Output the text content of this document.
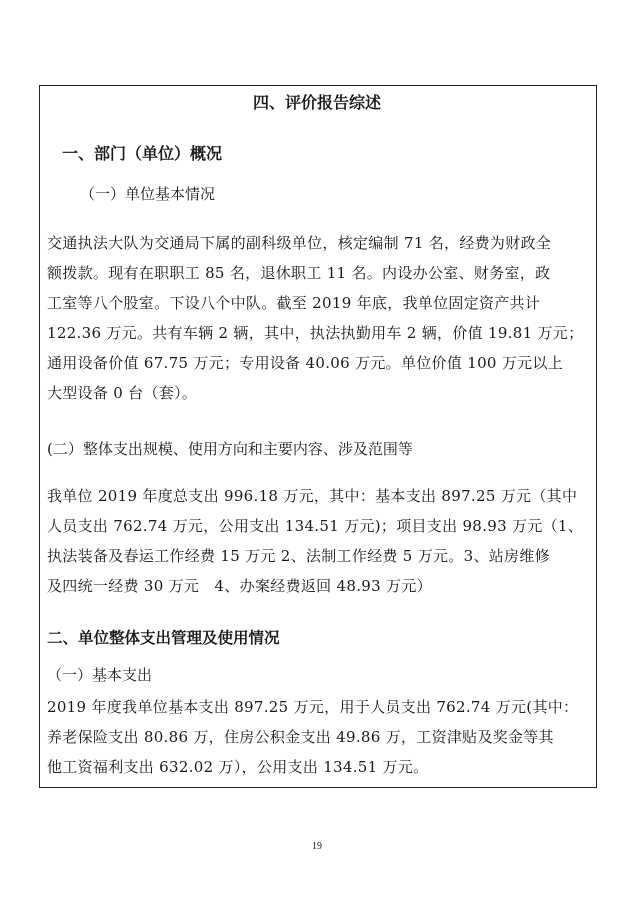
四、评价报告综述
一、部门（单位）概况
（一）单位基本情况
交通执法大队为交通局下属的副科级单位，核定编制 71 名，经费为财政全
额拨款。现有在职职工 85 名，退休职工 11 名。内设办公室、财务室，政
工室等八个股室。下设八个中队。截至 2019 年底，我单位固定资产共计
122.36 万元。共有车辆 2 辆，其中，执法执勤用车 2 辆，价值 19.81 万元；
通用设备价值 67.75 万元；专用设备 40.06 万元。单位价值 100 万元以上
大型设备 0 台（套）。
(二）整体支出规模、使用方向和主要内容、涉及范围等
我单位 2019 年度总支出 996.18 万元，其中：基本支出 897.25 万元（其中
人员支出 762.74 万元，公用支出 134.51 万元)；项目支出 98.93 万元（1、
执法装备及春运工作经费 15 万元 2、法制工作经费 5 万元。3、站房维修
及四统一经费 30 万元　4、办案经费返回 48.93 万元）
二、单位整体支出管理及使用情况
（一）基本支出
2019 年度我单位基本支出 897.25 万元，用于人员支出 762.74 万元(其中：
养老保险支出 80.86 万，住房公积金支出 49.86 万，工资津贴及奖金等其
他工资福利支出 632.02 万），公用支出 134.51 万元。
19
